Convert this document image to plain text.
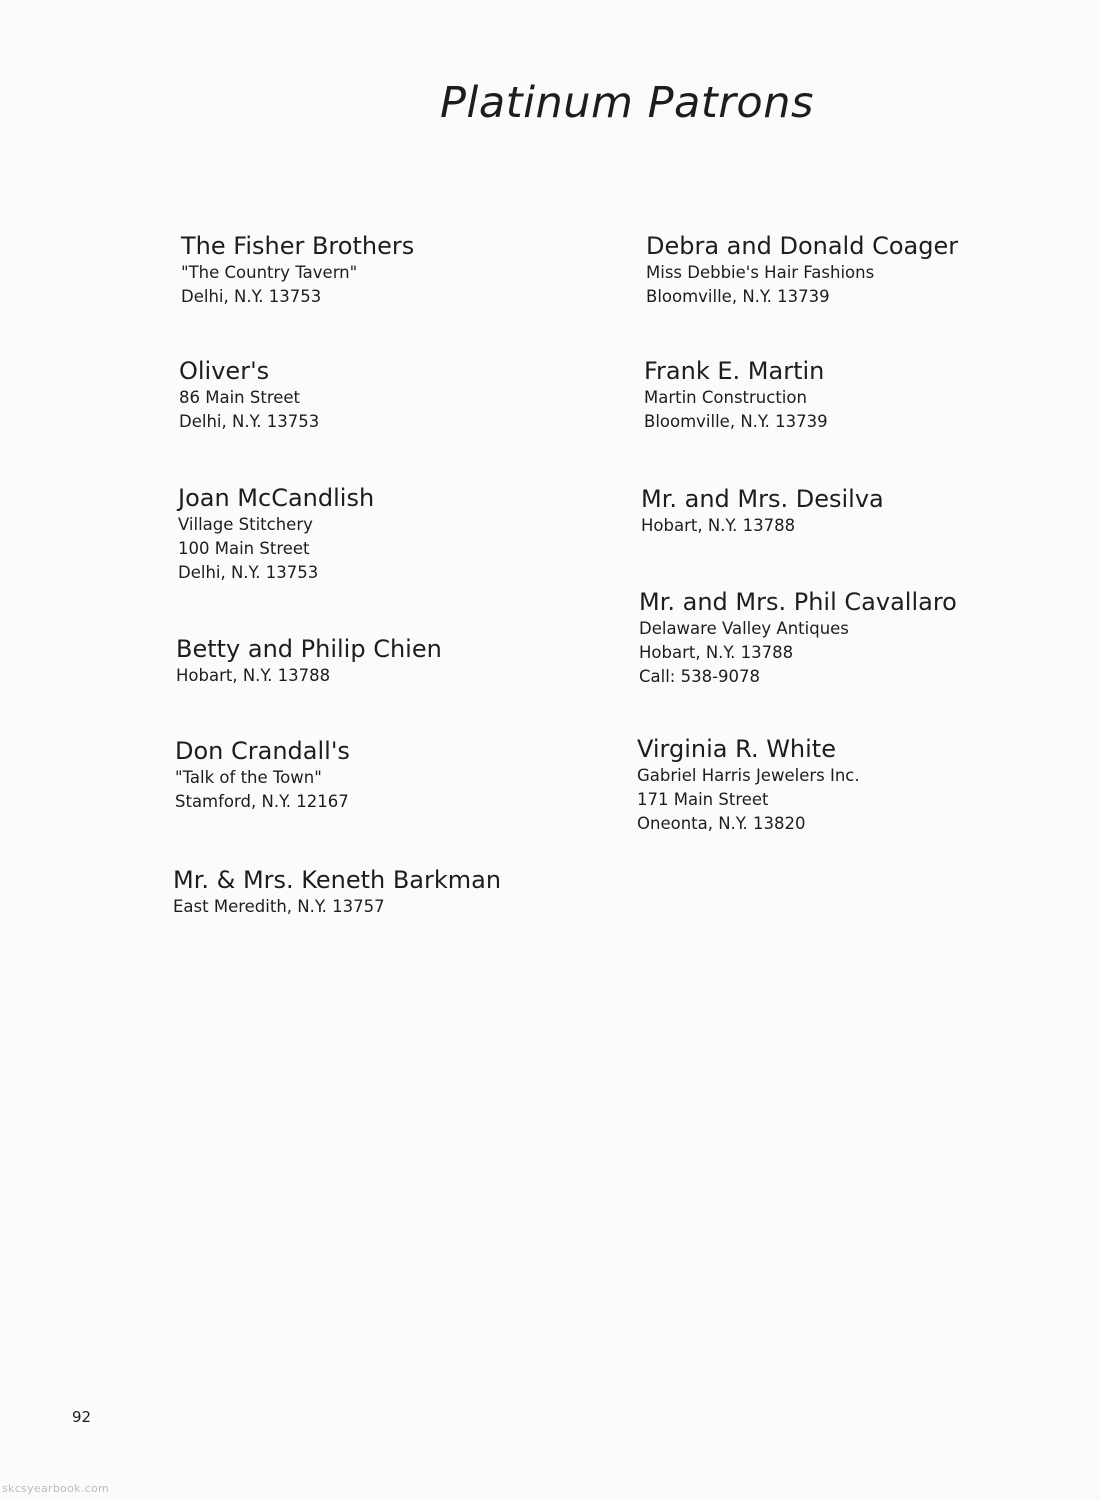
Platinum Patrons
The Fisher Brothers
"The Country Tavern"
Delhi, N.Y. 13753
Oliver's
86 Main Street
Delhi, N.Y. 13753
Joan McCandlish
Village Stitchery
100 Main Street
Delhi, N.Y. 13753
Betty and Philip Chien
Hobart, N.Y. 13788
Don Crandall's
"Talk of the Town"
Stamford, N.Y. 12167
Mr. & Mrs. Keneth Barkman
East Meredith, N.Y. 13757
Debra and Donald Coager
Miss Debbie's Hair Fashions
Bloomville, N.Y. 13739
Frank E. Martin
Martin Construction
Bloomville, N.Y. 13739
Mr. and Mrs. Desilva
Hobart, N.Y. 13788
Mr. and Mrs. Phil Cavallaro
Delaware Valley Antiques
Hobart, N.Y. 13788
Call: 538-9078
Virginia R. White
Gabriel Harris Jewelers Inc.
171 Main Street
Oneonta, N.Y. 13820
92
skcsyearbook.com
